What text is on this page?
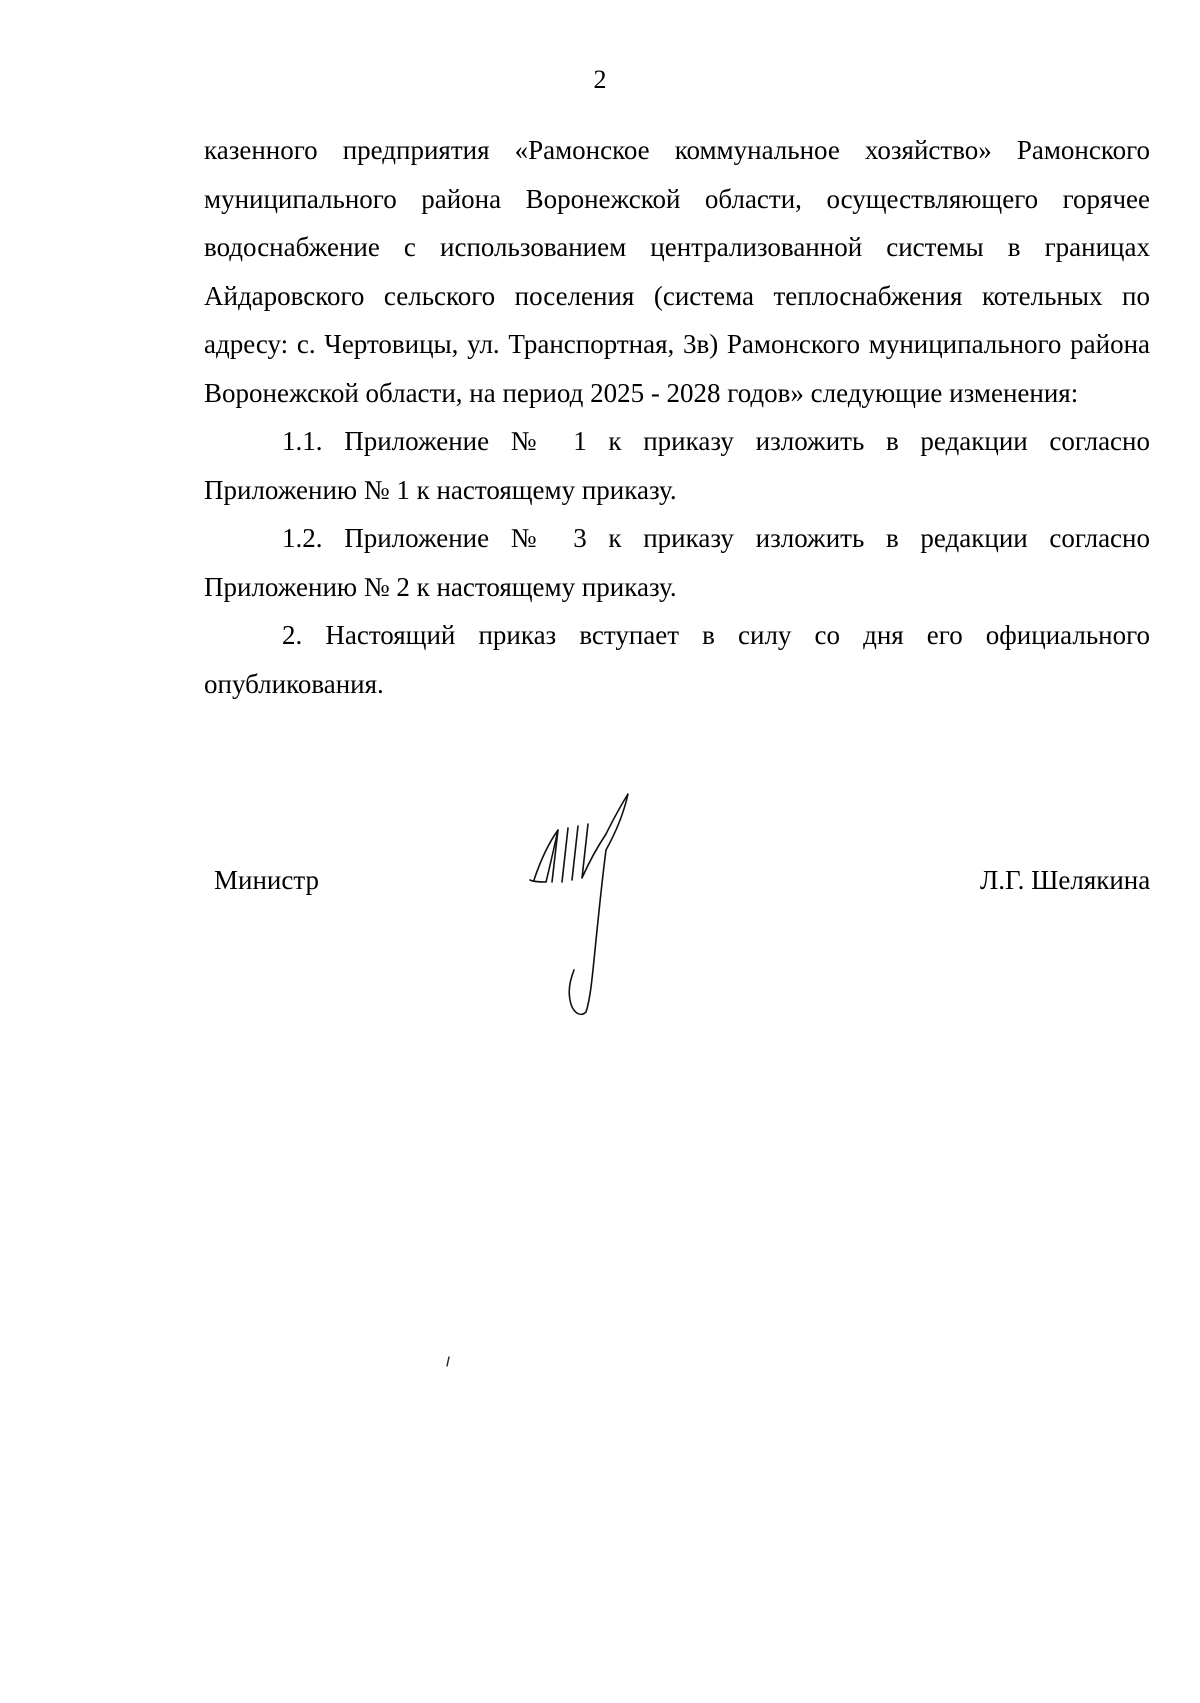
2

казенного предприятия «Рамонское коммунальное хозяйство» Рамонского муниципального района Воронежской области, осуществляющего горячее водоснабжение с использованием централизованной системы в границах Айдаровского сельского поселения (система теплоснабжения котельных по адресу: с. Чертовицы, ул. Транспортная, 3в) Рамонского муниципального района Воронежской области, на период 2025 - 2028 годов» следующие изменения:

1.1. Приложение № 1 к приказу изложить в редакции согласно Приложению № 1 к настоящему приказу.

1.2. Приложение № 3 к приказу изложить в редакции согласно Приложению № 2 к настоящему приказу.

2. Настоящий приказ вступает в силу со дня его официального опубликования.

Министр	Л.Г. Шелякина
